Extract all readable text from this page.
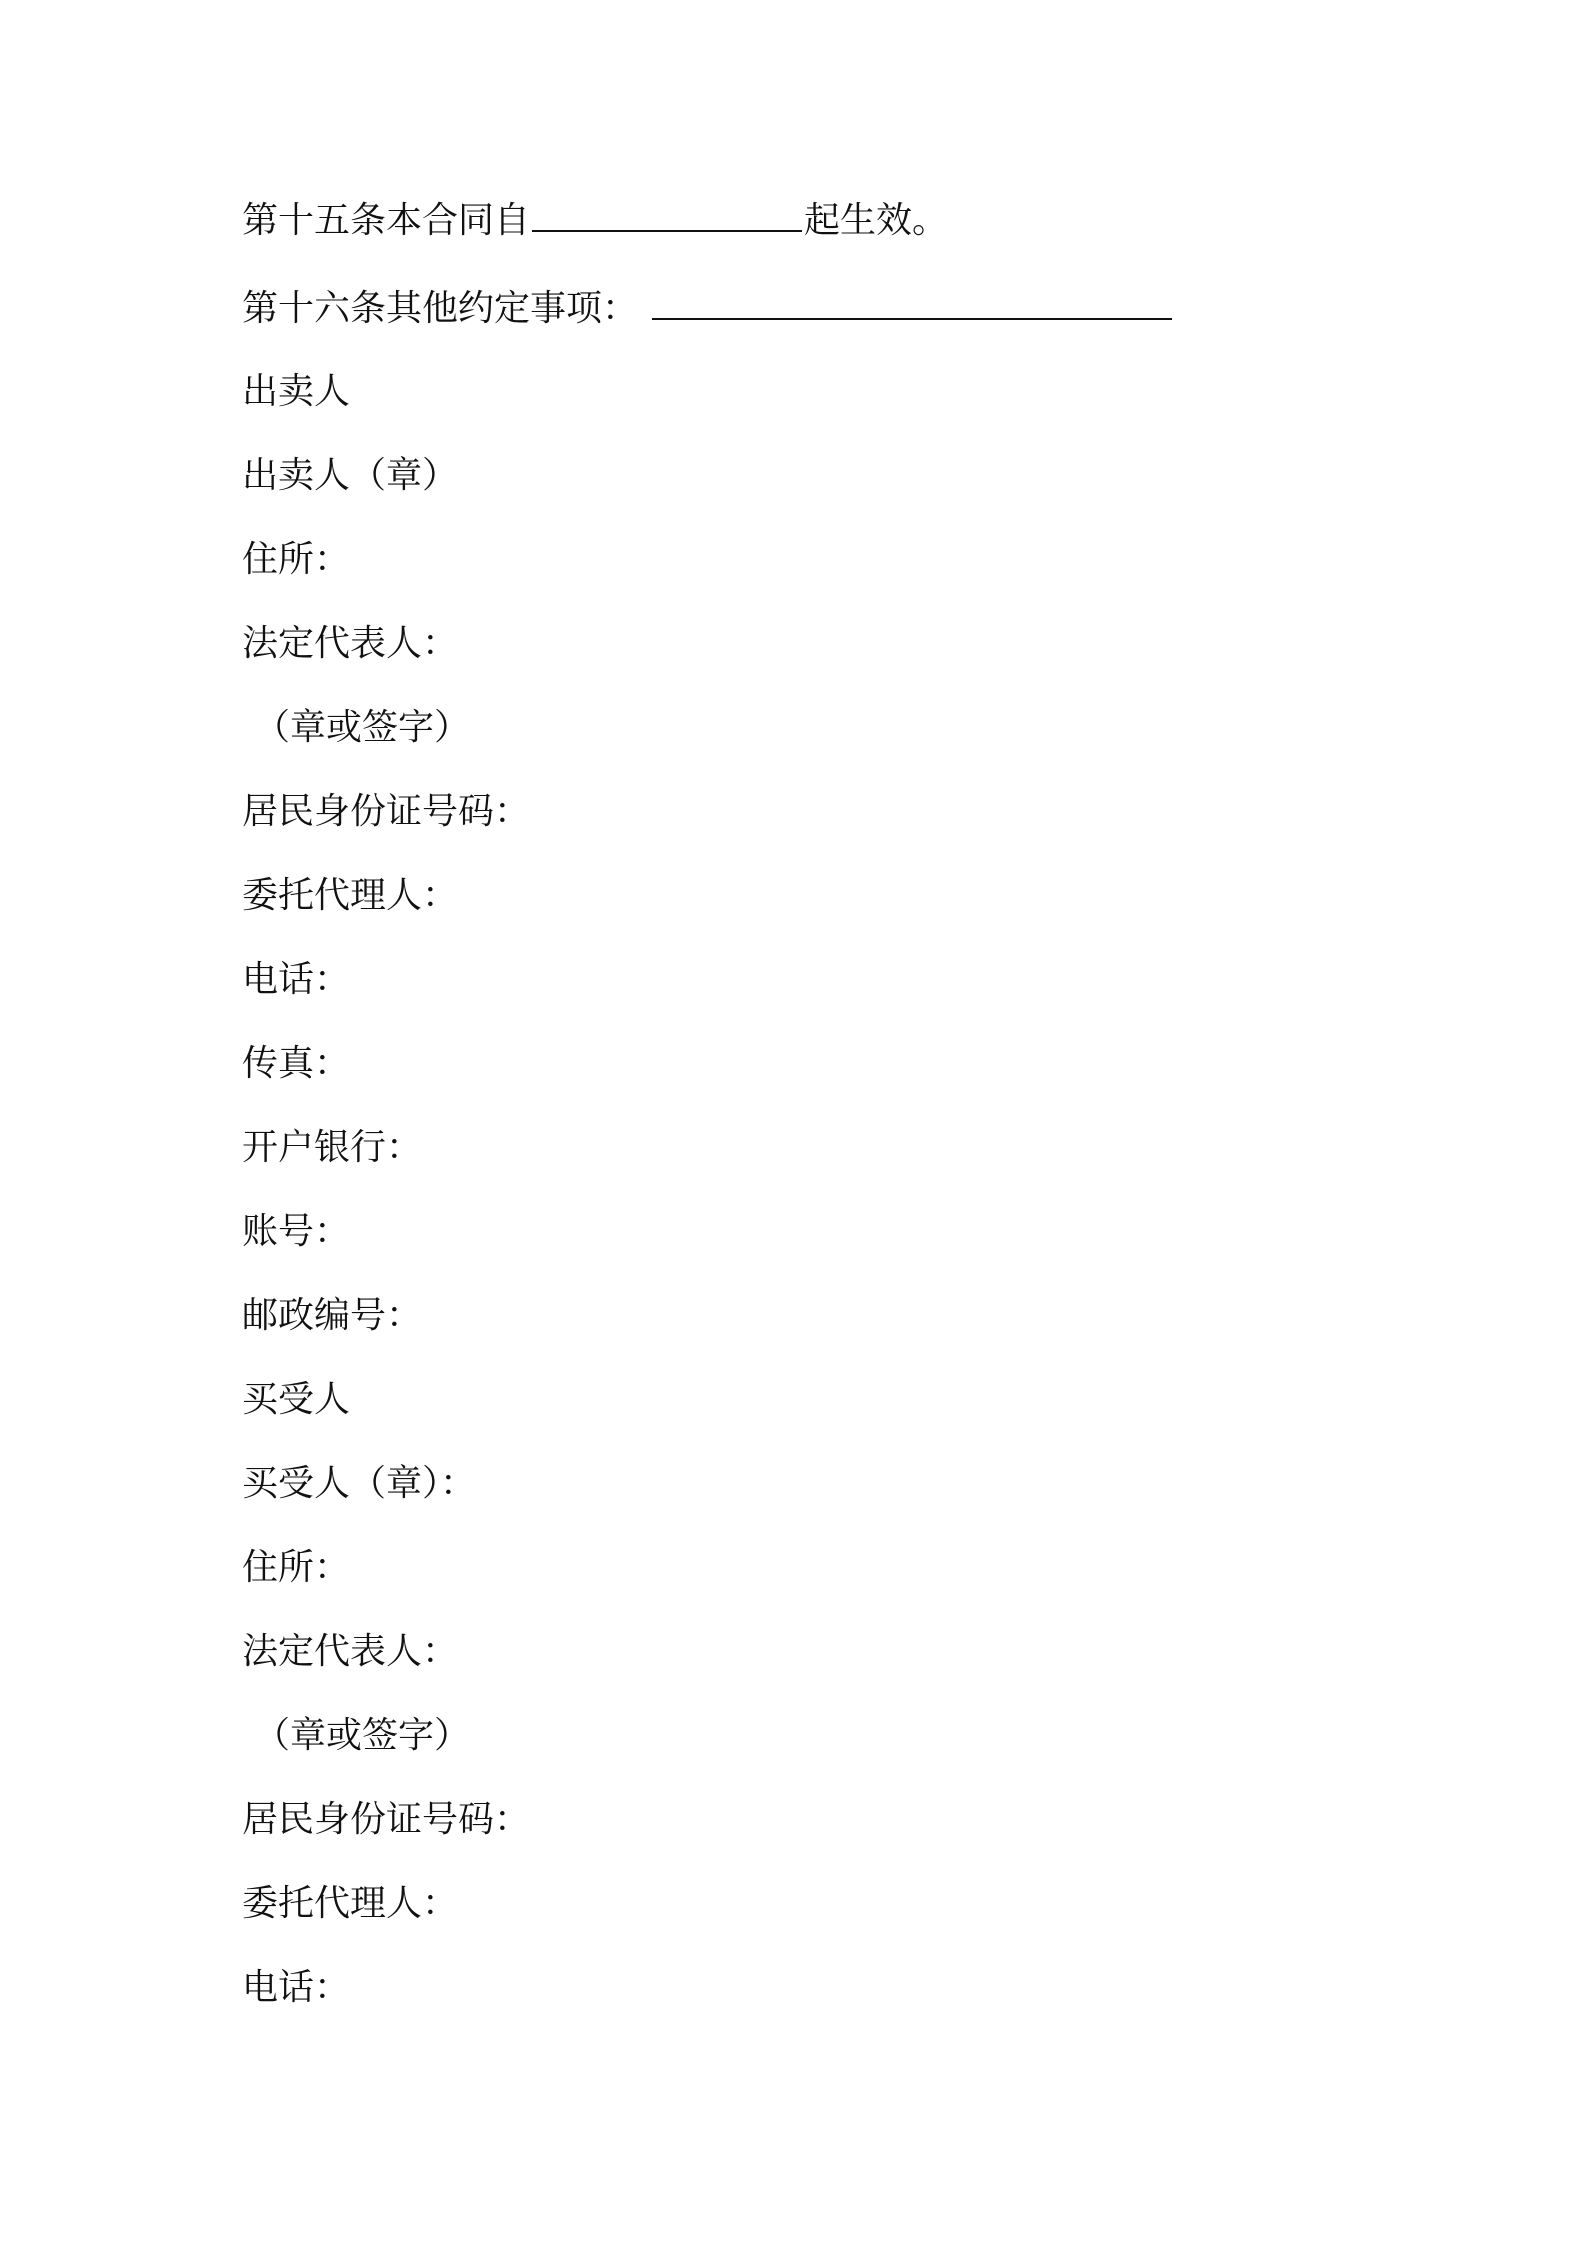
第十五条本合同自	起生效。

第十六条其他约定事项：

出卖人

出卖人（章）

住所：

法定代表人：

（章或签字）

居民身份证号码：

委托代理人：

电话：

传真：

开户银行：

账号：

邮政编号：

买受人

买受人（章）：

住所：

法定代表人：

（章或签字）

居民身份证号码：

委托代理人：

电话：
